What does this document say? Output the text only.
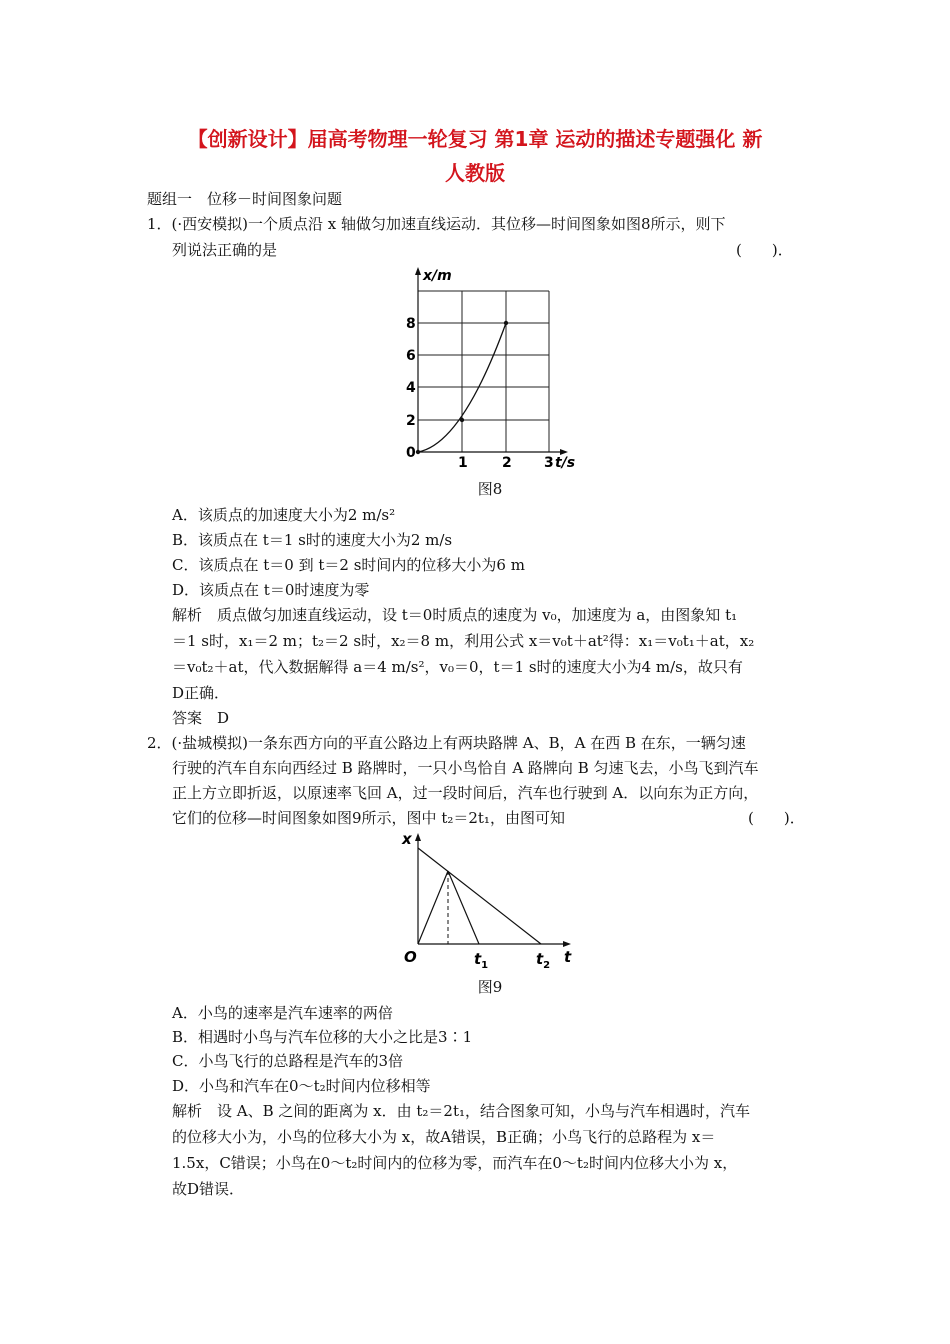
【创新设计】届高考物理一轮复习 第1章 运动的描述专题强化 新
人教版
题组一　位移－时间图象问题
1．(·西安模拟)一个质点沿 x 轴做匀加速直线运动．其位移—时间图象如图8所示，则下
列说法正确的是	(　　)．
x/m
0
2
4
6
8
1 2 3 t/s
图8
A．该质点的加速度大小为2 m/s²
B．该质点在 t＝1 s时的速度大小为2 m/s
C．该质点在 t＝0 到 t＝2 s时间内的位移大小为6 m
D．该质点在 t＝0时速度为零
解析　质点做匀加速直线运动，设 t＝0时质点的速度为 v₀，加速度为 a，由图象知 t₁
＝1 s时，x₁＝2 m；t₂＝2 s时，x₂＝8 m，利用公式 x＝v₀t＋at²得：x₁＝v₀t₁＋at，x₂
＝v₀t₂＋at，代入数据解得 a＝4 m/s²，v₀＝0，t＝1 s时的速度大小为4 m/s，故只有
D正确．
答案　D
2．(·盐城模拟)一条东西方向的平直公路边上有两块路牌 A、B，A 在西 B 在东，一辆匀速
行驶的汽车自东向西经过 B 路牌时，一只小鸟恰自 A 路牌向 B 匀速飞去，小鸟飞到汽车
正上方立即折返，以原速率飞回 A，过一段时间后，汽车也行驶到 A．以向东为正方向，
它们的位移—时间图象如图9所示，图中 t₂＝2t₁，由图可知	(　　)．
x
O	$t_1$	$t_2$ t
图9
A．小鸟的速率是汽车速率的两倍
B．相遇时小鸟与汽车位移的大小之比是3∶1
C．小鸟飞行的总路程是汽车的3倍
D．小鸟和汽车在0～t₂时间内位移相等
解析　设 A、B 之间的距离为 x．由 t₂＝2t₁，结合图象可知，小鸟与汽车相遇时，汽车
的位移大小为，小鸟的位移大小为 x，故A错误，B正确；小鸟飞行的总路程为 x＝
1.5x，C错误；小鸟在0～t₂时间内的位移为零，而汽车在0～t₂时间内位移大小为 x，
故D错误．
